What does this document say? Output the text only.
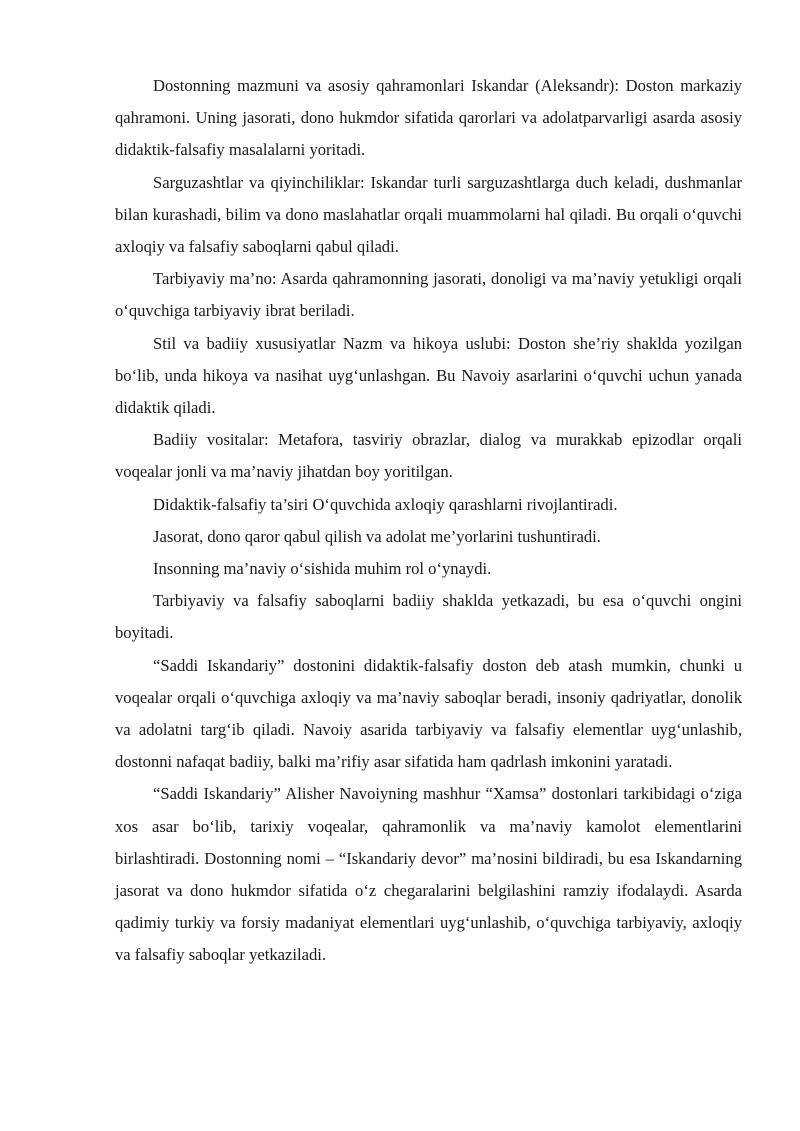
Dostonning mazmuni va asosiy qahramonlari Iskandar (Aleksandr): Doston markaziy qahramoni. Uning jasorati, dono hukmdor sifatida qarorlari va adolatparvarligi asarda asosiy didaktik-falsafiy masalalarni yoritadi.

Sarguzashtlar va qiyinchiliklar: Iskandar turli sarguzashtlarga duch keladi, dushmanlar bilan kurashadi, bilim va dono maslahatlar orqali muammolarni hal qiladi. Bu orqali o‘quvchi axloqiy va falsafiy saboqlarni qabul qiladi.

Tarbiyaviy ma’no: Asarda qahramonning jasorati, donoligi va ma’naviy yetukligi orqali o‘quvchiga tarbiyaviy ibrat beriladi.

Stil va badiiy xususiyatlar Nazm va hikoya uslubi: Doston she’riy shaklda yozilgan bo‘lib, unda hikoya va nasihat uyg‘unlashgan. Bu Navoiy asarlarini o‘quvchi uchun yanada didaktik qiladi.

Badiiy vositalar: Metafora, tasviriy obrazlar, dialog va murakkab epizodlar orqali voqealar jonli va ma’naviy jihatdan boy yoritilgan.

Didaktik-falsafiy ta’siri O‘quvchida axloqiy qarashlarni rivojlantiradi.

Jasorat, dono qaror qabul qilish va adolat me’yorlarini tushuntiradi.

Insonning ma’naviy o‘sishida muhim rol o‘ynaydi.

Tarbiyaviy va falsafiy saboqlarni badiiy shaklda yetkazadi, bu esa o‘quvchi ongini boyitadi.

“Saddi Iskandariy” dostonini didaktik-falsafiy doston deb atash mumkin, chunki u voqealar orqali o‘quvchiga axloqiy va ma’naviy saboqlar beradi, insoniy qadriyatlar, donolik va adolatni targ‘ib qiladi. Navoiy asarida tarbiyaviy va falsafiy elementlar uyg‘unlashib, dostonni nafaqat badiiy, balki ma’rifiy asar sifatida ham qadrlash imkonini yaratadi.

“Saddi Iskandariy” Alisher Navoiyning mashhur “Xamsa” dostonlari tarkibidagi o‘ziga xos asar bo‘lib, tarixiy voqealar, qahramonlik va ma’naviy kamolot elementlarini birlashtiradi. Dostonning nomi – “Iskandariy devor” ma’nosini bildiradi, bu esa Iskandarning jasorat va dono hukmdor sifatida o‘z chegaralarini belgilashini ramziy ifodalaydi. Asarda qadimiy turkiy va forsiy madaniyat elementlari uyg‘unlashib, o‘quvchiga tarbiyaviy, axloqiy va falsafiy saboqlar yetkaziladi.
